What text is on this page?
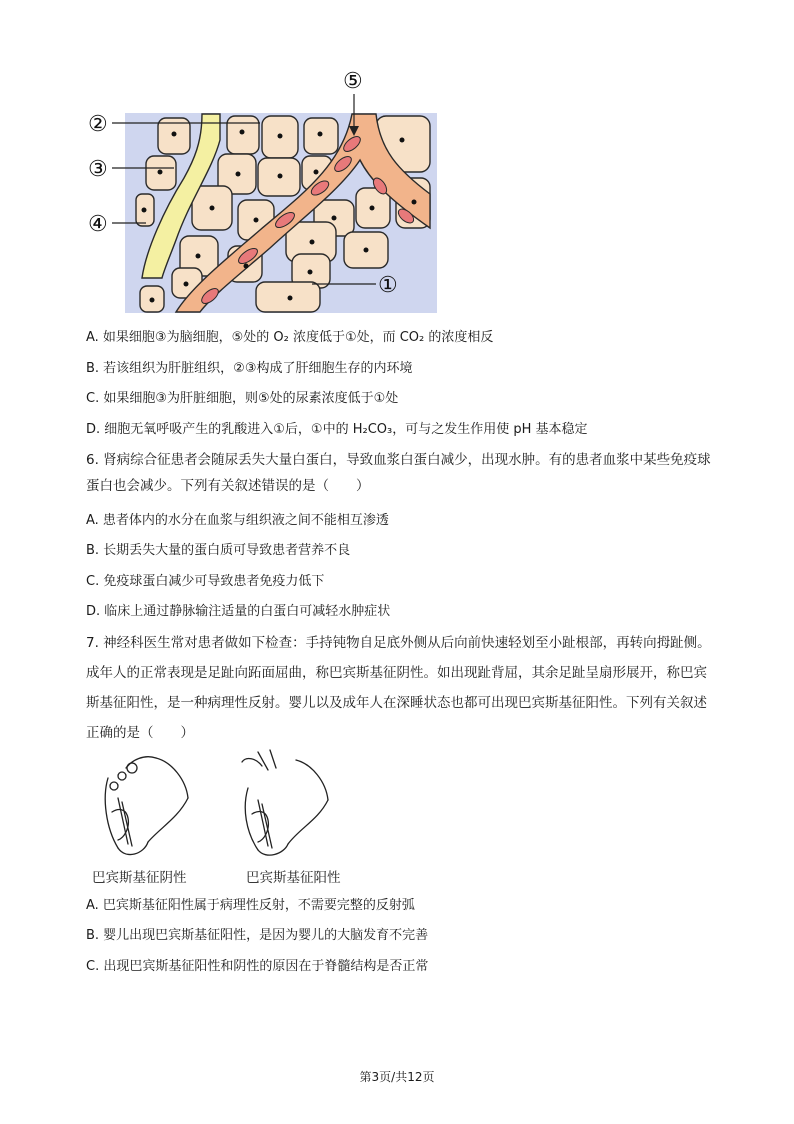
②
③
④
⑤
①
A. 如果细胞③为脑细胞，⑤处的 O₂ 浓度低于①处，而 CO₂ 的浓度相反
B. 若该组织为肝脏组织，②③构成了肝细胞生存的内环境
C. 如果细胞③为肝脏细胞，则⑤处的尿素浓度低于①处
D. 细胞无氧呼吸产生的乳酸进入①后，①中的 H₂CO₃，可与之发生作用使 pH 基本稳定
6. 肾病综合征患者会随尿丢失大量白蛋白，导致血浆白蛋白减少，出现水肿。有的患者血浆中某些免疫球
蛋白也会减少。下列有关叙述错误的是（　　）
A. 患者体内的水分在血浆与组织液之间不能相互渗透
B. 长期丢失大量的蛋白质可导致患者营养不良
C. 免疫球蛋白减少可导致患者免疫力低下
D. 临床上通过静脉输注适量的白蛋白可减轻水肿症状
7. 神经科医生常对患者做如下检查：手持钝物自足底外侧从后向前快速轻划至小趾根部，再转向拇趾侧。
成年人的正常表现是足趾向跖面屈曲，称巴宾斯基征阴性。如出现趾背屈，其余足趾呈扇形展开，称巴宾
斯基征阳性，是一种病理性反射。婴儿以及成年人在深睡状态也都可出现巴宾斯基征阳性。下列有关叙述
正确的是（　　）
巴宾斯基征阴性	巴宾斯基征阳性
A. 巴宾斯基征阳性属于病理性反射，不需要完整的反射弧
B. 婴儿出现巴宾斯基征阳性，是因为婴儿的大脑发育不完善
C. 出现巴宾斯基征阳性和阴性的原因在于脊髓结构是否正常
第3页/共12页
